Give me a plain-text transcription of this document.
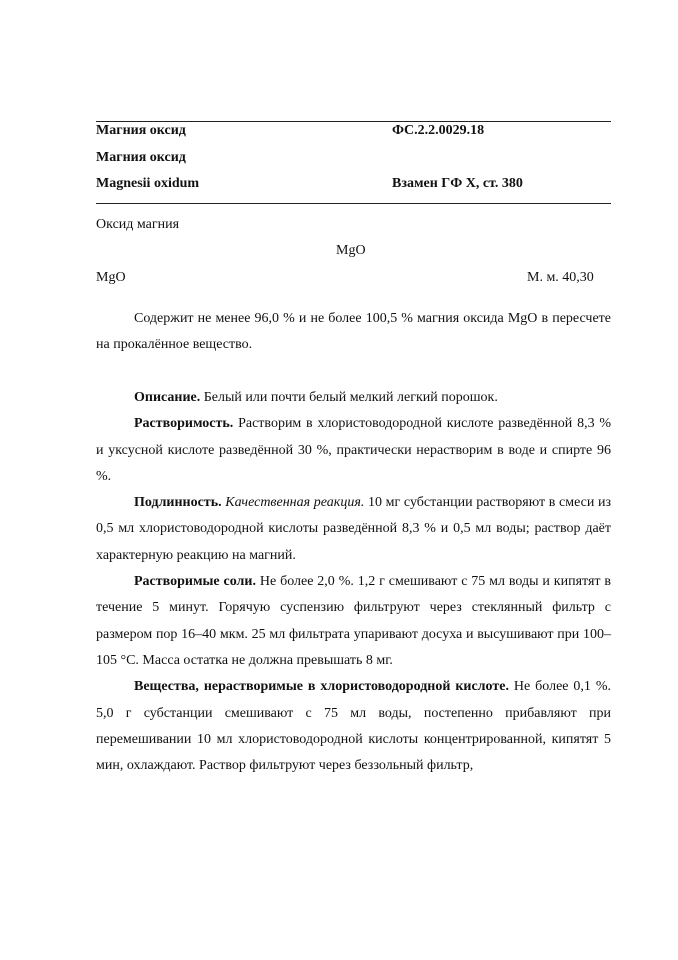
Магния оксид	ФС.2.2.0029.18
Магния оксид
Magnesii oxidum	Взамен ГФ Х, ст. 380
Оксид магния
MgO
MgO	М. м. 40,30

Содержит не менее 96,0 % и не более 100,5 % магния оксида MgO в пересчете на прокалённое вещество.

Описание. Белый или почти белый мелкий легкий порошок.

Растворимость. Растворим в хлористоводородной кислоте разведённой 8,3 % и уксусной кислоте разведённой 30 %, практически нерастворим в воде и спирте 96 %.

Подлинность. Качественная реакция. 10 мг субстанции растворяют в смеси из 0,5 мл хлористоводородной кислоты разведённой 8,3 % и 0,5 мл воды; раствор даёт характерную реакцию на магний.

Растворимые соли. Не более 2,0 %. 1,2 г смешивают с 75 мл воды и кипятят в течение 5 минут. Горячую суспензию фильтруют через стеклянный фильтр с размером пор 16–40 мкм. 25 мл фильтрата упаривают досуха и высушивают при 100–105 °С. Масса остатка не должна превышать 8 мг.

Вещества, нерастворимые в хлористоводородной кислоте. Не более 0,1 %. 5,0 г субстанции смешивают с 75 мл воды, постепенно прибавляют при перемешивании 10 мл хлористоводородной кислоты концентрированной, кипятят 5 мин, охлаждают. Раствор фильтруют через беззольный фильтр,
